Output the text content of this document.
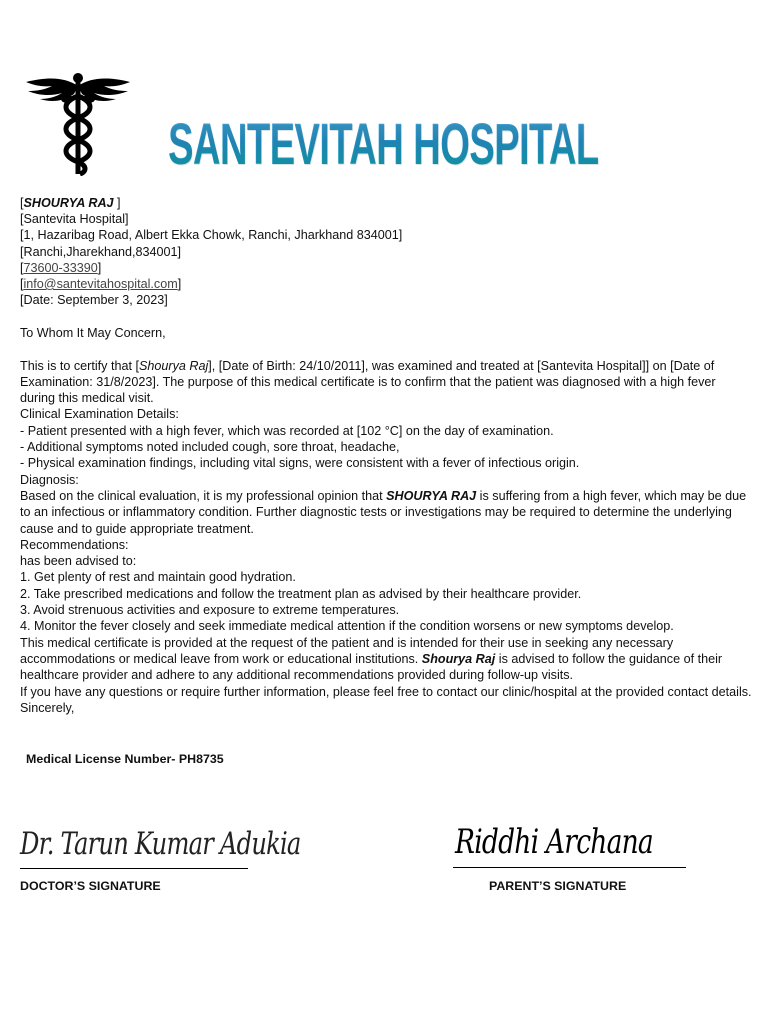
SANTEVITAH HOSPITAL
[SHOURYA RAJ ]
[Santevita Hospital]
[1, Hazaribag Road, Albert Ekka Chowk, Ranchi, Jharkhand 834001]
[Ranchi,Jharekhand,834001]
[73600-33390]
[info@santevitahospital.com]
[Date: September 3, 2023]

To Whom It May Concern,

This is to certify that [Shourya Raj], [Date of Birth: 24/10/2011], was examined and treated at [Santevita Hospital]] on [Date of Examination: 31/8/2023]. The purpose of this medical certificate is to confirm that the patient was diagnosed with a high fever during this medical visit.

Clinical Examination Details:

- Patient presented with a high fever, which was recorded at [102 °C] on the day of examination.

- Additional symptoms noted included cough, sore throat, headache,

- Physical examination findings, including vital signs, were consistent with a fever of infectious origin.

Diagnosis:

Based on the clinical evaluation, it is my professional opinion that SHOURYA RAJ is suffering from a high fever, which may be due to an infectious or inflammatory condition. Further diagnostic tests or investigations may be required to determine the underlying cause and to guide appropriate treatment.

Recommendations:

has been advised to:

1. Get plenty of rest and maintain good hydration.

2. Take prescribed medications and follow the treatment plan as advised by their healthcare provider.

3. Avoid strenuous activities and exposure to extreme temperatures.

4. Monitor the fever closely and seek immediate medical attention if the condition worsens or new symptoms develop.

This medical certificate is provided at the request of the patient and is intended for their use in seeking any necessary accommodations or medical leave from work or educational institutions. Shourya Raj is advised to follow the guidance of their healthcare provider and adhere to any additional recommendations provided during follow-up visits.

If you have any questions or require further information, please feel free to contact our clinic/hospital at the provided contact details.

Sincerely,

Medical License Number- PH8735
Dr. Tarun Kumar Adukia
DOCTOR’S SIGNATURE
Riddhi Archana
PARENT’S SIGNATURE
